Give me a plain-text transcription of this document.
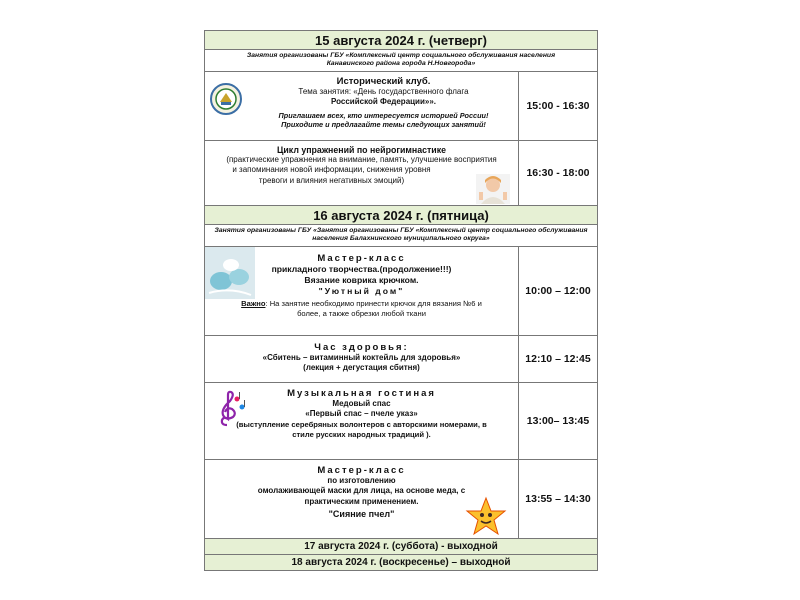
15 августа 2024 г. (четверг)
Занятия организованы ГБУ «Комплексный центр социального обслуживания населения
Канавинского района города Н.Новгорода»
Исторический клуб.
Тема занятия: «День государственного флага
Российской Федерации»».
Приглашаем всех, кто интересуется историей России!
Приходите и предлагайте темы следующих занятий!
15:00 - 16:30
Цикл упражнений по нейрогимнастике
(практические упражнения на внимание, память, улучшение восприятия
и запоминания новой информации, снижения уровня
тревоги и влияния негативных эмоций)
16:30 - 18:00
16 августа 2024 г. (пятница)
Занятия организованы ГБУ «Занятия организованы ГБУ «Комплексный центр социального обслуживания
населения Балахнинского муниципального округа»
Мастер-класс
прикладного творчества.(продолжение!!!)
Вязание коврика крючком.
"Уютный дом"
Важно: На занятие необходимо принести крючок для вязания №6 и
более, а также обрезки любой ткани
10:00 – 12:00
Час здоровья:
«Сбитень – витаминный коктейль для здоровья»
(лекция + дегустация сбитня)
12:10 – 12:45
Музыкальная гостиная
Медовый спас
«Первый спас – пчеле указ»
(выступление серебряных волонтеров с авторскими номерами, в
стиле русских народных традиций ).
13:00– 13:45
Мастер-класс
по изготовлению
омолаживающей маски для лица, на основе меда, с
практическим применением.
"Сияние пчел"
13:55 – 14:30
17 августа 2024 г. (суббота) - выходной
18 августа 2024 г. (воскресенье) – выходной
